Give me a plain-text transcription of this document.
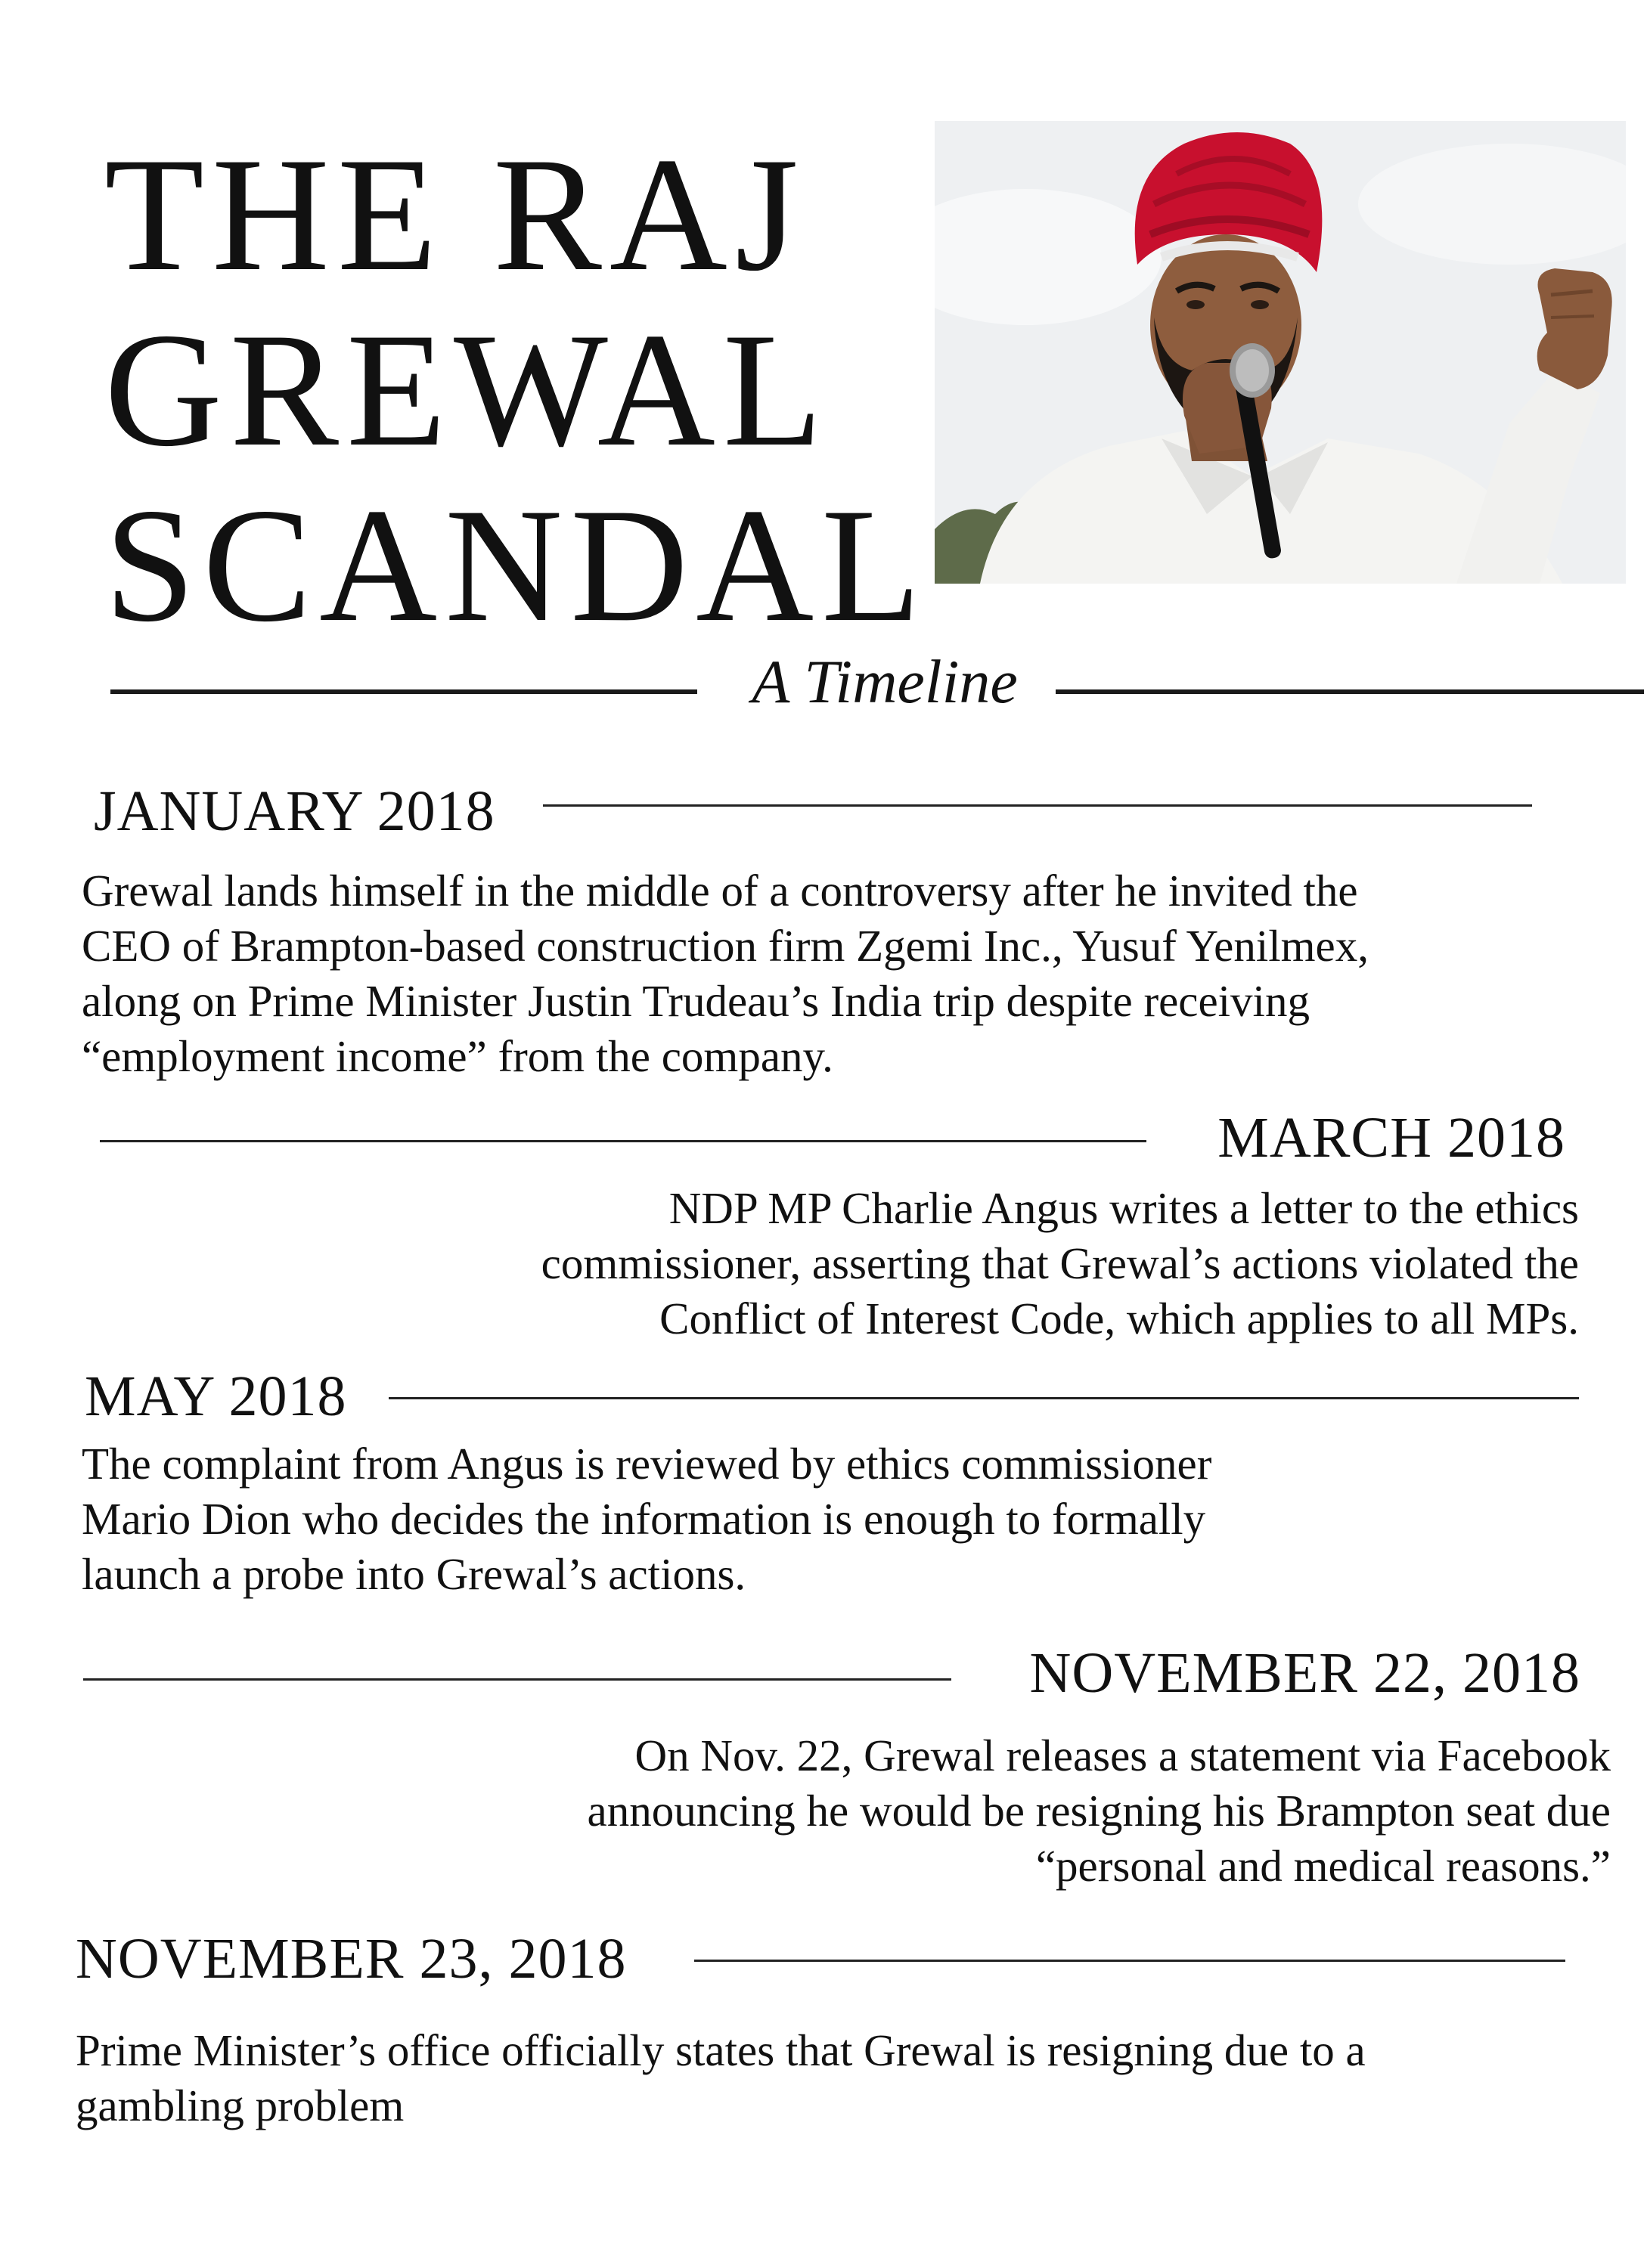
THE RAJ
GREWAL
SCANDAL
A Timeline
JANUARY 2018
Grewal lands himself in the middle of a controversy after he invited the
CEO of Brampton-based construction firm Zgemi Inc., Yusuf Yenilmex,
along on Prime Minister Justin Trudeau’s India trip despite receiving
“employment income” from the company.
MARCH 2018
NDP MP Charlie Angus writes a letter to the ethics
commissioner, asserting that Grewal’s actions violated the
Conflict of Interest Code, which applies to all MPs.
MAY 2018
The complaint from Angus is reviewed by ethics commissioner
Mario Dion who decides the information is enough to formally
launch a probe into Grewal’s actions.
NOVEMBER 22, 2018
On Nov. 22, Grewal releases a statement via Facebook
announcing he would be resigning his Brampton seat due
“personal and medical reasons.”
NOVEMBER 23, 2018
Prime Minister’s office officially states that Grewal is resigning due to a
gambling problem
